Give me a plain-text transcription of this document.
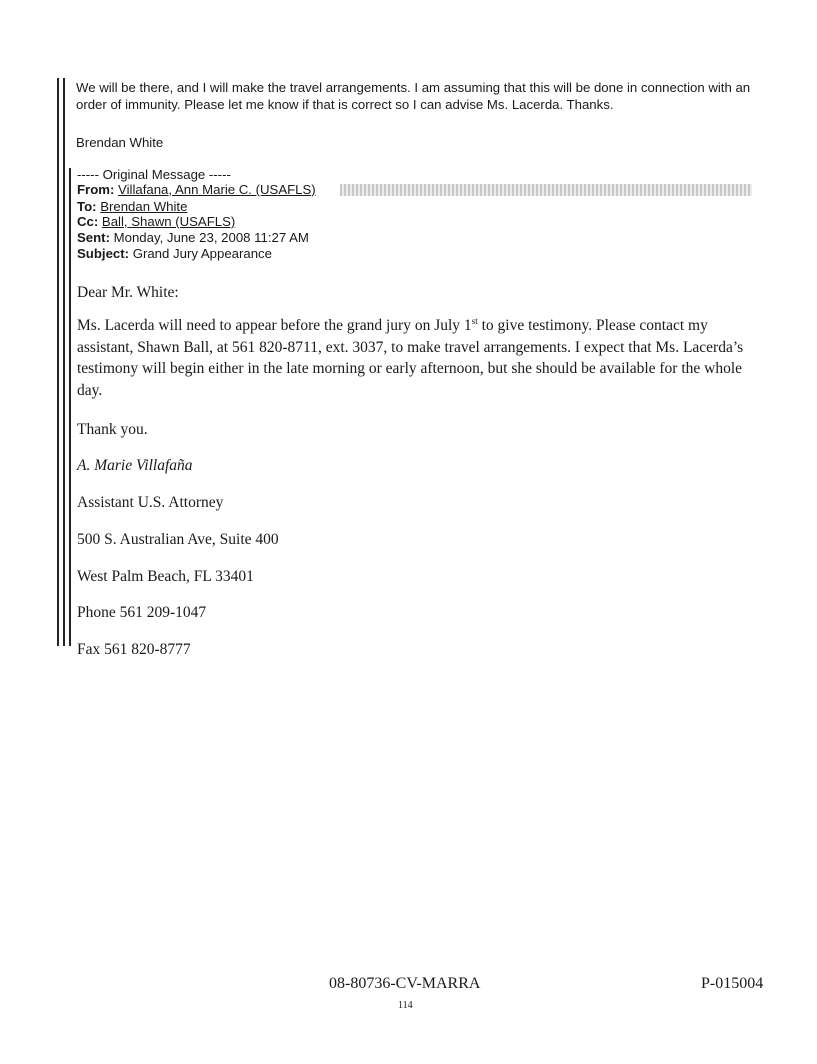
We will be there, and I will make the travel arrangements. I am assuming that this will be done in connection with an
order of immunity. Please let me know if that is correct so I can advise Ms. Lacerda. Thanks.
Brendan White
----- Original Message -----
From: Villafana, Ann Marie C. (USAFLS)
To: Brendan White
Cc: Ball, Shawn (USAFLS)
Sent: Monday, June 23, 2008 11:27 AM
Subject: Grand Jury Appearance
Dear Mr. White:
Ms. Lacerda will need to appear before the grand jury on July 1st to give testimony. Please contact my
assistant, Shawn Ball, at 561 820-8711, ext. 3037, to make travel arrangements. I expect that Ms. Lacerda’s
testimony will begin either in the late morning or early afternoon, but she should be available for the whole
day.
Thank you.
A. Marie Villafaña
Assistant U.S. Attorney
500 S. Australian Ave, Suite 400
West Palm Beach, FL 33401
Phone 561 209-1047
Fax 561 820-8777
08-80736-CV-MARRA	P-015004
114
